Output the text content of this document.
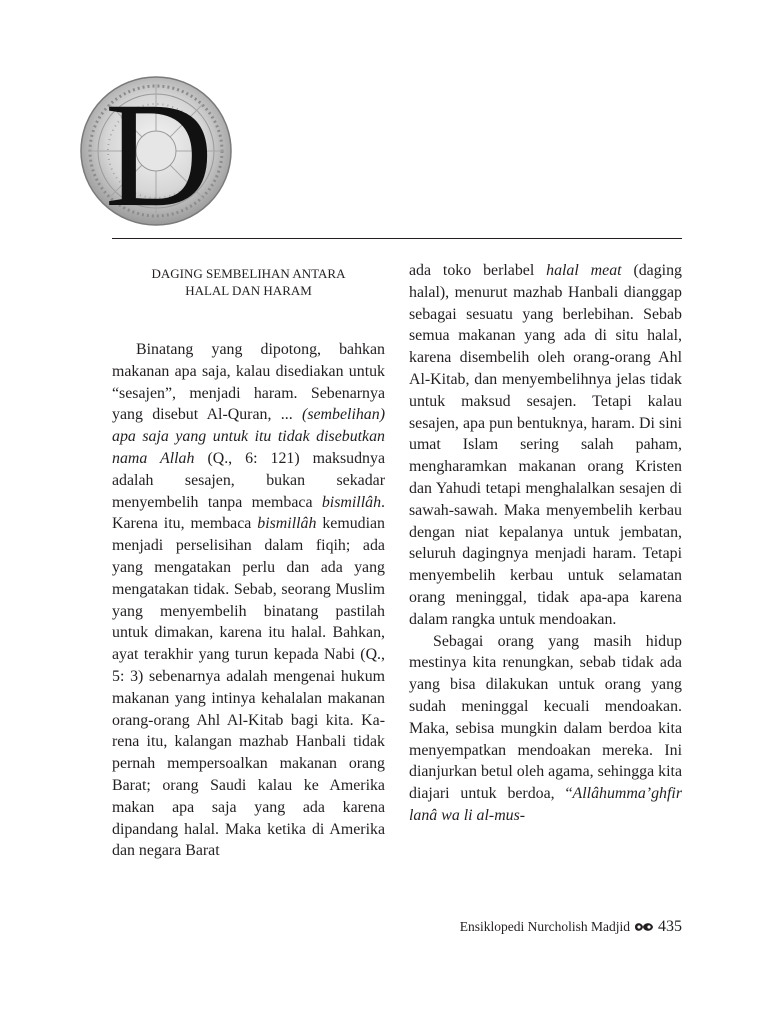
D
DAGING SEMBELIHAN ANTARA
HALAL DAN HARAM

Binatang yang dipotong, bahkan makanan apa saja, kalau disediakan untuk “sesajen”, menjadi haram. Sebenarnya yang disebut Al-Quran, ... (sembelihan) apa saja yang untuk itu tidak disebutkan nama Allah (Q., 6: 121) maksudnya adalah sesajen, bukan sekadar menyembelih tanpa membaca bismillâh. Karena itu, membaca bismillâh kemudian menjadi perselisihan dalam fiqih; ada yang mengatakan perlu dan ada yang mengatakan tidak. Sebab, seorang Muslim yang menyembelih binatang pastilah untuk dimakan, karena itu halal. Bahkan, ayat terakhir yang turun kepada Nabi (Q., 5: 3) sebenarnya adalah mengenai hukum makanan yang intinya kehalalan makanan orang-orang Ahl Al-Kitab bagi kita. Karena itu, kalangan mazhab Hanbali tidak pernah mempersoalkan makanan orang Barat; orang Saudi kalau ke Amerika makan apa saja yang ada karena dipandang halal. Maka ketika di Amerika dan negara Barat

ada toko berlabel halal meat (daging halal), menurut mazhab Hanbali dianggap sebagai sesuatu yang berlebihan. Sebab semua makanan yang ada di situ halal, karena disembelih oleh orang-orang Ahl Al-Kitab, dan menyembelihnya jelas tidak untuk maksud sesajen. Tetapi kalau sesajen, apa pun bentuknya, haram. Di sini umat Islam sering salah paham, mengharamkan makanan orang Kristen dan Yahudi tetapi menghalalkan sesajen di sawah-sawah. Maka menyembelih kerbau dengan niat kepalanya untuk jembatan, seluruh dagingnya menjadi haram. Tetapi menyembelih kerbau untuk selamatan orang meninggal, tidak apa-apa karena dalam rangka untuk mendoakan.

Sebagai orang yang masih hidup mestinya kita renungkan, sebab tidak ada yang bisa dilakukan untuk orang yang sudah meninggal kecuali mendoakan. Maka, sebisa mungkin dalam berdoa kita menyempatkan mendoakan mereka. Ini dianjurkan betul oleh agama, sehingga kita diajari untuk berdoa, “Allâhumma’ghfir lanâ wa li al-mus-

Ensiklopedi Nurcholish Madjid 435
